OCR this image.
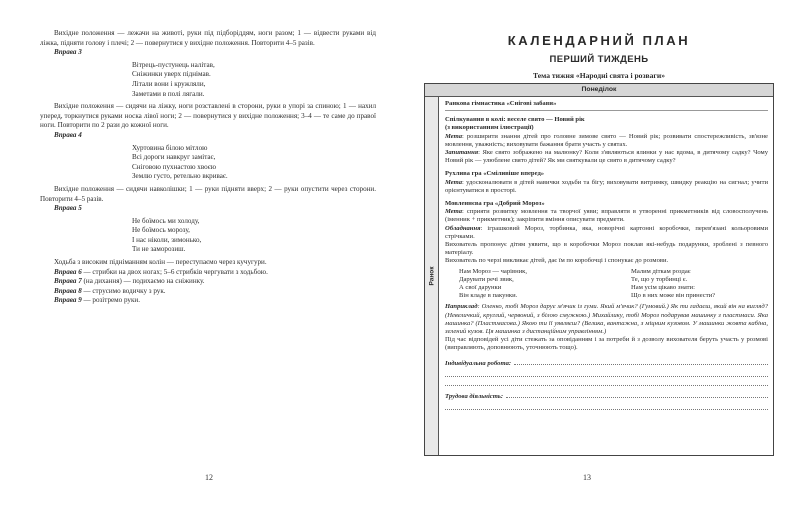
Вихідне положення — лежачи на животі, руки під підборіддям, ноги разом; 1 — відвести руками від ліжка, підняти голову і плечі; 2 — повернутися у вихідне положення. Повторити 4–5 разів.

Вправа 3
Вітрець-пустунець налітав,
Сніжинки уверх піднімав.
Літали вони і кружляли,
Заметами в полі лягали.

Вихідне положення — сидячи на ліжку, ноги розставлені в сторони, руки в упорі за спиною; 1 — нахил уперед, торкнутися руками носка лівої ноги; 2 — повернутися у вихідне положення; 3–4 — те саме до правої ноги. Повторити по 2 рази до кожної ноги.

Вправа 4
Хуртовина білою мітлою
Всі дороги навкруг замітає,
Сніговою пухнастою хвоєю
Землю густо, ретельно вкриває.

Вихідне положення — сидячи навколішки; 1 — руки підняти вверх; 2 — руки опустити через сторони. Повторити 4–5 разів.

Вправа 5
Не боїмось ми холоду,
Не боїмось морозу,
І нас ніколи, зимонько,
Ти не заморозиш.

Ходьба з високим підніманням колін — переступаємо через кучугури.

Вправа 6 — стрибки на двох ногах; 5–6 стрибків чергувати з ходьбою.
Вправа 7 (на дихання) — подихаємо на сніжинку.
Вправа 8 — струсимо водичку з рук.
Вправа 9 — розітремо руки.
12
КАЛЕНДАРНИЙ ПЛАН
ПЕРШИЙ ТИЖДЕНЬ
Тема тижня «Народні свята і розваги»
Понеділок
Ранок
Ранкова гімнастика «Снігові забави»
Спілкування в колі: веселе свято — Новий рік
(з використанням ілюстрації)
Мета: розширити знання дітей про головне зимове свято — Новий рік; розвивати спостережливість, зв'язне мовлення, уважність; виховувати бажання брати участь у святах.
Запитання: Яке свято зображено на малюнку? Коли з'являються ялинки у нас вдома, в дитячому садку? Чому Новий рік — улюблене свято дітей? Як ми святкували це свято в дитячому садку?
Рухлива гра «Сміливіше вперед»
Мета: удосконалювати в дітей навички ходьби та бігу; виховувати витримку, швидку реакцію на сигнал; учити орієнтуватися в просторі.
Мовленнєва гра «Добрий Мороз»
Мета: сприяти розвитку мовлення та творчої уяви; вправляти в утворенні прикметників від словосполучень (іменник + прикметник); закріпити вміння описувати предмети.
Обладнання: іграшковий Мороз, торбинка, яка, новорічні картонні коробочки, перев'язані кольоровими стрічками.
Вихователь пропонує дітям уявити, що в коробочки Мороз поклав які-небудь подарунки, зроблені з певного матеріалу.
Вихователь по черзі викликає дітей, дає їм по коробочці і спонукає до розмови.
Нам Мороз — чарівник,
Дарувати речі звик,
А свої дарунки
Він кладе в пакунки.
Малим діткам роздає
Те, що у торбинці є.
Нам усім цікаво знати:
Що в них може він принести?
Наприклад: Оленко, тобі Мороз дарує м'ячик із гуми. Який м'ячик? (Гумовий.) Як ти гадаєш, який він на вигляд? (Невеличкий, круглий, червоний, з білою смужкою.) Михайлику, тобі Мороз подарував машинку з пластмаси. Яка машинка? (Пластмасова.) Якою ти її уявляєш? (Велика, вантажна, з міцним кузовом. У машинки жовта кабіна, зелений кузов. Ця машинка з дистанційним управлінням.)
Під час відповідей усі діти стежать за оповіданням і за потреби й з дозволу вихователя беруть участь у розмові (виправляють, доповнюють, уточнюють тощо).
Індивідуальна робота:
Трудова діяльність:
13
